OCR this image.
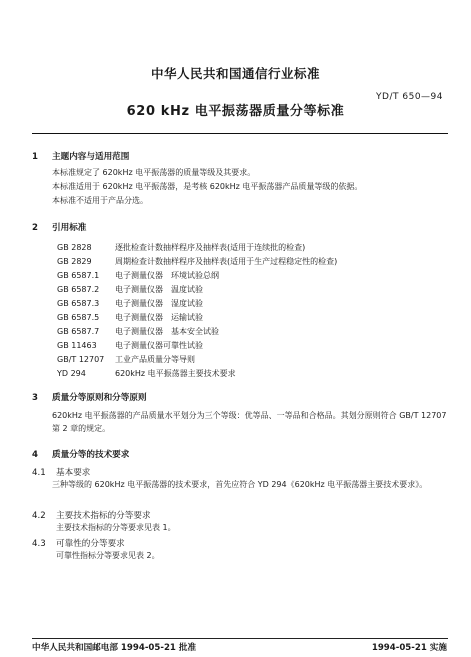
中华人民共和国通信行业标准
YD/T 650—94
620 kHz 电平振荡器质量分等标准
1 主题内容与适用范围
本标准规定了 620kHz 电平振荡器的质量等级及其要求。
本标准适用于 620kHz 电平振荡器，是考核 620kHz 电平振荡器产品质量等级的依据。
本标准不适用于产品分选。
2 引用标准
GB 2828	逐批检查计数抽样程序及抽样表(适用于连续批的检查)
GB 2829	周期检查计数抽样程序及抽样表(适用于生产过程稳定性的检查)
GB 6587.1 电子测量仪器　环境试验总纲
GB 6587.2 电子测量仪器　温度试验
GB 6587.3 电子测量仪器　湿度试验
GB 6587.5 电子测量仪器　运输试验
GB 6587.7 电子测量仪器　基本安全试验
GB 11463 电子测量仪器可靠性试验
GB/T 12707 工业产品质量分等导则
YD 294	620kHz 电平振荡器主要技术要求
3 质量分等原则和分等原则
620kHz 电平振荡器的产品质量水平划分为三个等级：优等品、一等品和合格品。其划分原则符合 GB/T 12707 第 2 章的规定。
4 质量分等的技术要求
4.1 基本要求
三种等级的 620kHz 电平振荡器的技术要求，首先应符合 YD 294《620kHz 电平振荡器主要技术要求》。
4.2 主要技术指标的分等要求
主要技术指标的分等要求见表 1。
4.3 可靠性的分等要求
可靠性指标分等要求见表 2。
中华人民共和国邮电部 1994-05-21 批准	1994-05-21 实施
